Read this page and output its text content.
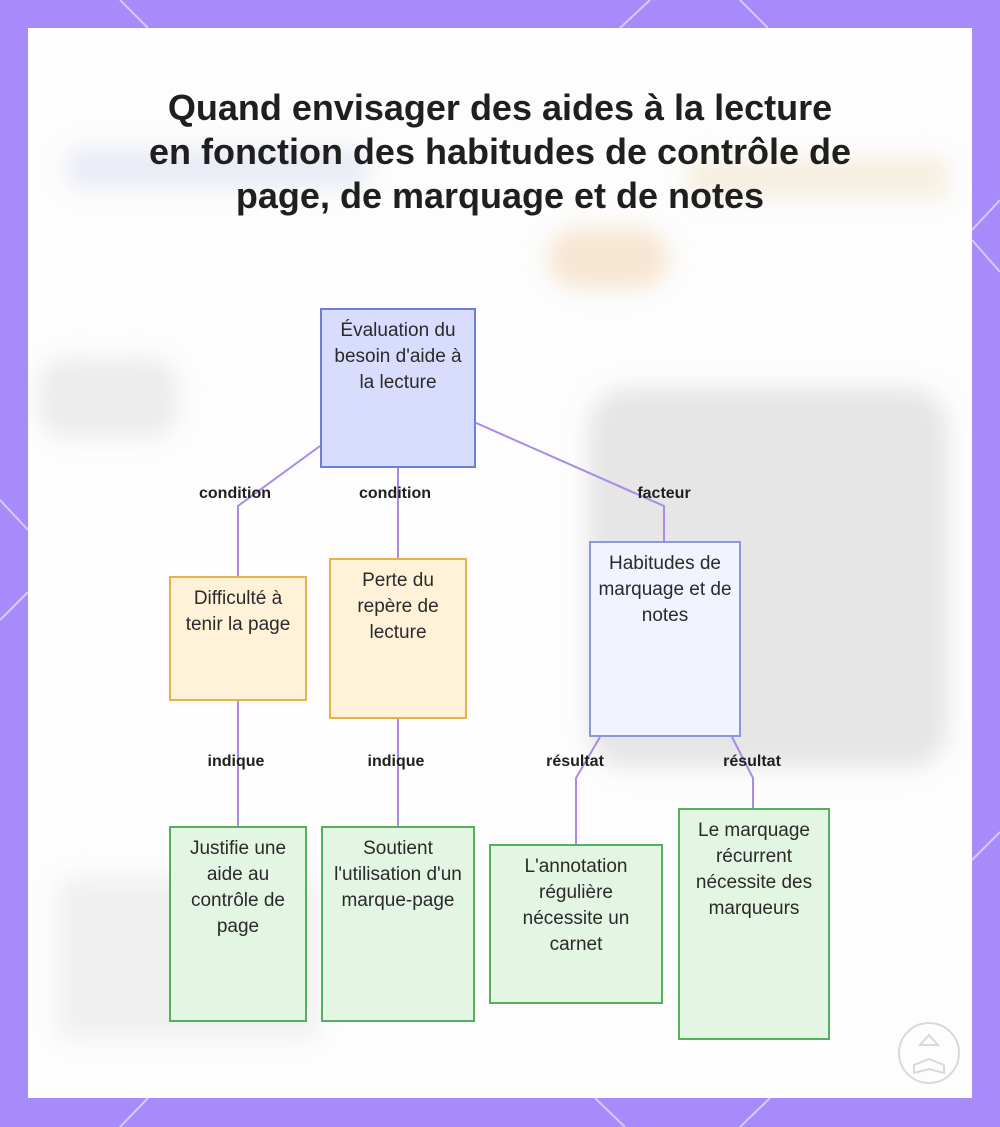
Quand envisager des aides à la lecture en fonction des habitudes de contrôle de page, de marquage et de notes
Évaluation du besoin d'aide à la lecture
Difficulté à tenir la page
Perte du repère de lecture
Habitudes de marquage et de notes
Justifie une aide au contrôle de page
Soutient l'utilisation d'un marque-page
L'annotation régulière nécessite un carnet
Le marquage récurrent nécessite des marqueurs
condition	condition	facteur
indique	indique	résultat	résultat
